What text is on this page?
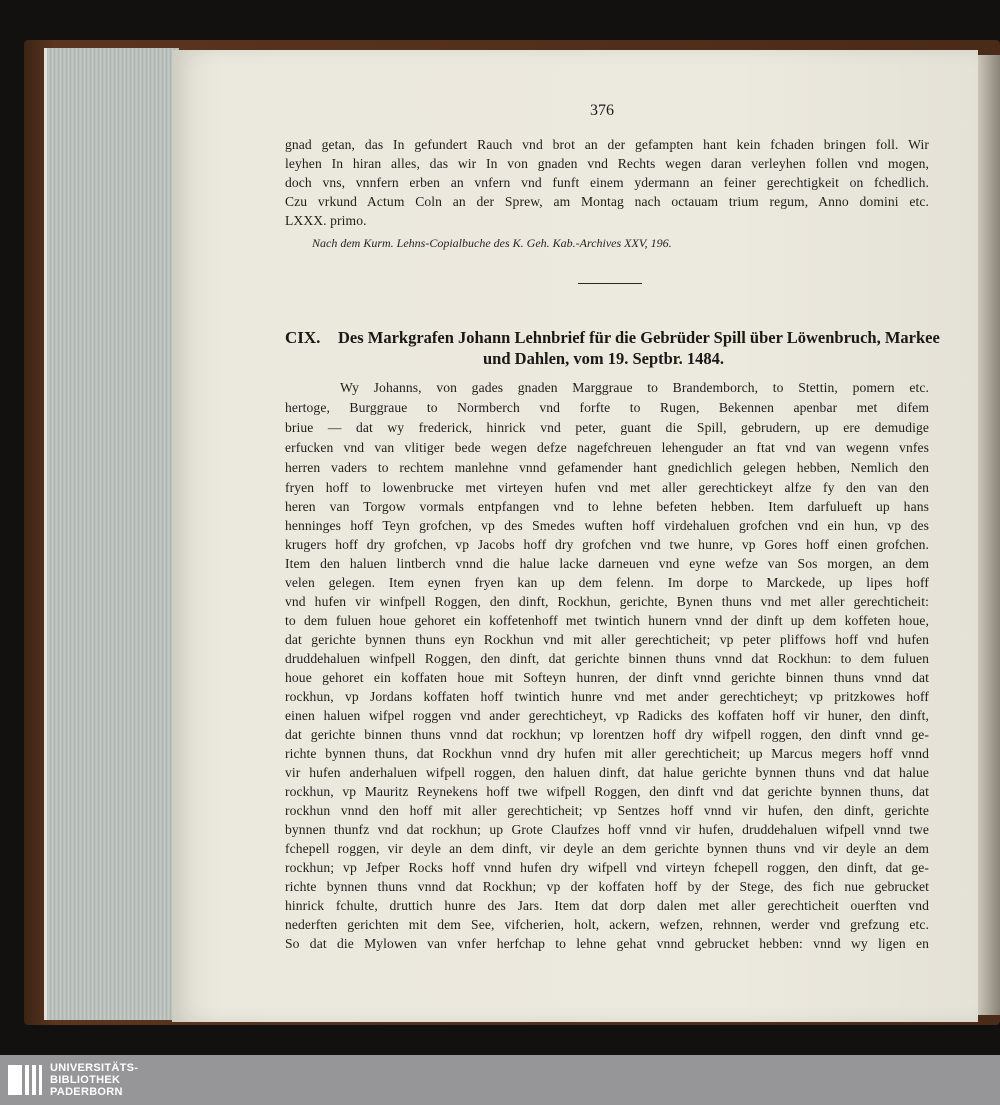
376
gnad getan, das In gefundert Rauch vnd brot an der gefampten hant kein fchaden bringen foll. Wir
leyhen In hiran alles, das wir In von gnaden vnd Rechts wegen daran verleyhen follen vnd mogen,
doch vns, vnnfern erben an vnfern vnd funft einem ydermann an feiner gerechtigkeit on fchedlich.
Czu vrkund Actum Coln an der Sprew, am Montag nach octauam trium regum, Anno domini etc.
LXXX. primo.
Nach dem Kurm. Lehns-Copialbuche des K. Geh. Kab.-Archives XXV, 196.
CIX. Des Markgrafen Johann Lehnbrief für die Gebrüder Spill über Löwenbruch, Markee
und Dahlen, vom 19. Septbr. 1484.
Wy Johanns, von gades gnaden Marggraue to Brandemborch, to Stettin, pomern etc.
hertoge, Burggraue to Normberch vnd forfte to Rugen, Bekennen apenbar met difem
briue — dat wy frederick, hinrick vnd peter, guant die Spill, gebrudern, up ere demudige
erfucken vnd van vlitiger bede wegen defze nagefchreuen lehenguder an ftat vnd van wegenn vnfes
herren vaders to rechtem manlehne vnnd gefamender hant gnedichlich gelegen hebben, Nemlich den
fryen hoff to lowenbrucke met virteyen hufen vnd met aller gerechtickeyt alfze fy den van den
heren van Torgow vormals entpfangen vnd to lehne befeten hebben. Item darfulueft up hans
henninges hoff Teyn grofchen, vp des Smedes wuften hoff virdehaluen grofchen vnd ein hun, vp des
krugers hoff dry grofchen, vp Jacobs hoff dry grofchen vnd twe hunre, vp Gores hoff einen grofchen.
Item den haluen lintberch vnnd die halue lacke darneuen vnd eyne wefze van Sos morgen, an dem
velen gelegen. Item eynen fryen kan up dem felenn. Im dorpe to Marckede, up lipes hoff
vnd hufen vir winfpell Roggen, den dinft, Rockhun, gerichte, Bynen thuns vnd met aller gerechticheit:
to dem fuluen houe gehoret ein koffetenhoff met twintich hunern vnnd der dinft up dem koffeten houe,
dat gerichte bynnen thuns eyn Rockhun vnd mit aller gerechticheit; vp peter pliffows hoff vnd hufen
druddehaluen winfpell Roggen, den dinft, dat gerichte binnen thuns vnnd dat Rockhun: to dem fuluen
houe gehoret ein koffaten houe mit Softeyn hunren, der dinft vnnd gerichte binnen thuns vnnd dat
rockhun, vp Jordans koffaten hoff twintich hunre vnd met ander gerechticheyt; vp pritzkowes hoff
einen haluen wifpel roggen vnd ander gerechticheyt, vp Radicks des koffaten hoff vir huner, den dinft,
dat gerichte binnen thuns vnnd dat rockhun; vp lorentzen hoff dry wifpell roggen, den dinft vnnd ge-
richte bynnen thuns, dat Rockhun vnnd dry hufen mit aller gerechticheit; up Marcus megers hoff vnnd
vir hufen anderhaluen wifpell roggen, den haluen dinft, dat halue gerichte bynnen thuns vnd dat halue
rockhun, vp Mauritz Reynekens hoff twe wifpell Roggen, den dinft vnd dat gerichte bynnen thuns, dat
rockhun vnnd den hoff mit aller gerechticheit; vp Sentzes hoff vnnd vir hufen, den dinft, gerichte
bynnen thunfz vnd dat rockhun; up Grote Claufzes hoff vnnd vir hufen, druddehaluen wifpell vnnd twe
fchepell roggen, vir deyle an dem dinft, vir deyle an dem gerichte bynnen thuns vnd vir deyle an dem
rockhun; vp Jefper Rocks hoff vnnd hufen dry wifpell vnd virteyn fchepell roggen, den dinft, dat ge-
richte bynnen thuns vnnd dat Rockhun; vp der koffaten hoff by der Stege, des fich nue gebrucket
hinrick fchulte, druttich hunre des Jars. Item dat dorp dalen met aller gerechticheit ouerften vnd
nederften gerichten mit dem See, vifcherien, holt, ackern, wefzen, rehnnen, werder vnd grefzung etc.
So dat die Mylowen van vnfer herfchap to lehne gehat vnnd gebrucket hebben: vnnd wy ligen en
UNIVERSITÄTS-
BIBLIOTHEK
PADERBORN
